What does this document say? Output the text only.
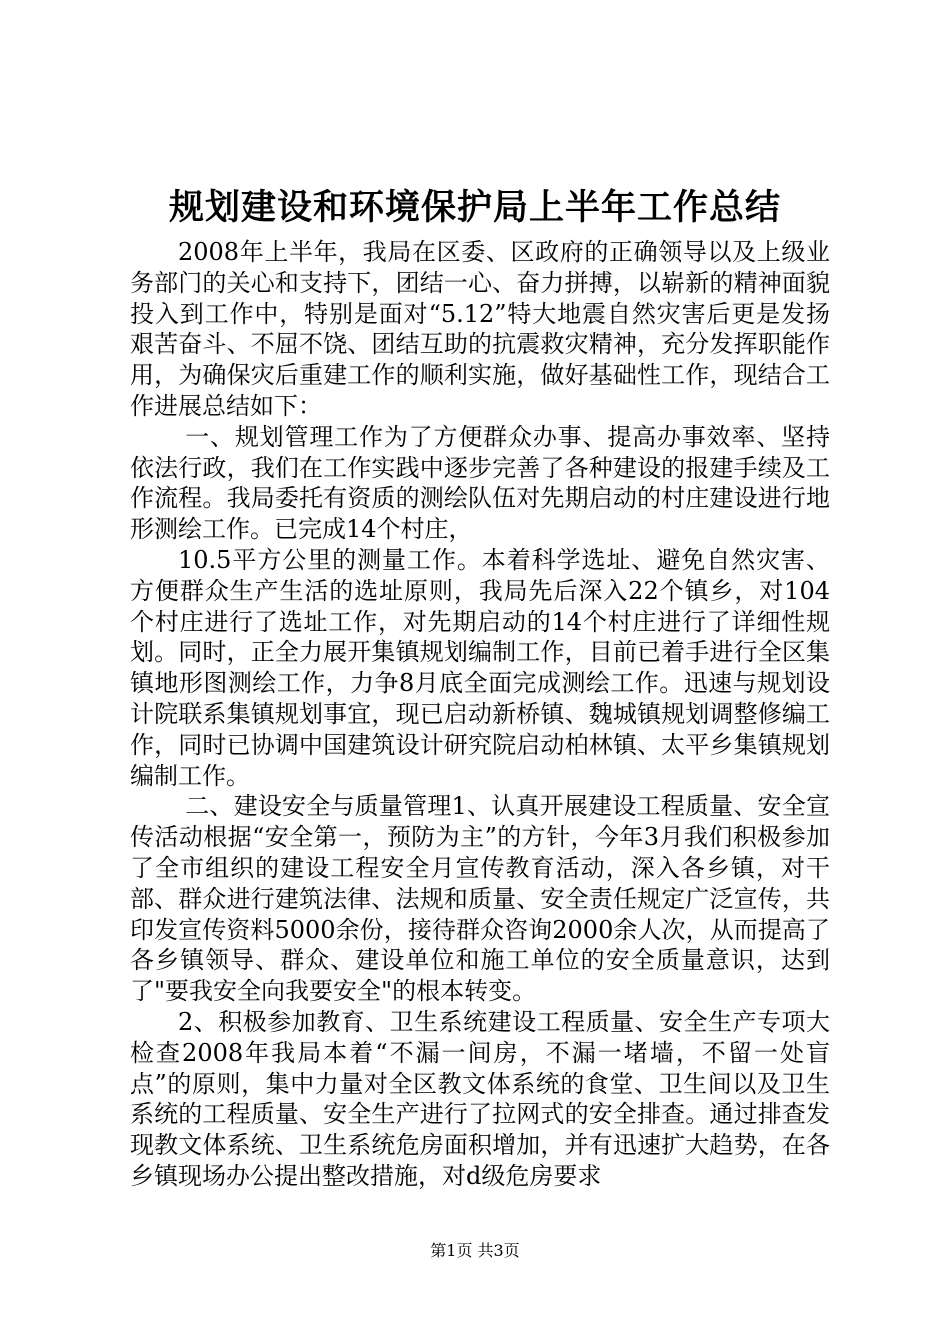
规划建设和环境保护局上半年工作总结

2008年上半年，我局在区委、区政府的正确领导以及上级业务部门的关心和支持下，团结一心、奋力拼搏，以崭新的精神面貌投入到工作中，特别是面对“5.12”特大地震自然灾害后更是发扬艰苦奋斗、不屈不饶、团结互助的抗震救灾精神，充分发挥职能作用，为确保灾后重建工作的顺利实施，做好基础性工作，现结合工作进展总结如下：

一、规划管理工作为了方便群众办事、提高办事效率、坚持依法行政，我们在工作实践中逐步完善了各种建设的报建手续及工作流程。我局委托有资质的测绘队伍对先期启动的村庄建设进行地形测绘工作。已完成14个村庄，

10.5平方公里的测量工作。本着科学选址、避免自然灾害、方便群众生产生活的选址原则，我局先后深入22个镇乡，对104个村庄进行了选址工作，对先期启动的14个村庄进行了详细性规划。同时，正全力展开集镇规划编制工作，目前已着手进行全区集镇地形图测绘工作，力争8月底全面完成测绘工作。迅速与规划设计院联系集镇规划事宜，现已启动新桥镇、魏城镇规划调整修编工作，同时已协调中国建筑设计研究院启动柏林镇、太平乡集镇规划编制工作。

二、建设安全与质量管理1、认真开展建设工程质量、安全宣传活动根据“安全第一，预防为主”的方针，今年3月我们积极参加了全市组织的建设工程安全月宣传教育活动，深入各乡镇，对干部、群众进行建筑法律、法规和质量、安全责任规定广泛宣传，共印发宣传资料5000余份，接待群众咨询2000余人次，从而提高了各乡镇领导、群众、建设单位和施工单位的安全质量意识，达到了"要我安全向我要安全"的根本转变。

2、积极参加教育、卫生系统建设工程质量、安全生产专项大检查2008年我局本着“不漏一间房，不漏一堵墙，不留一处盲点”的原则，集中力量对全区教文体系统的食堂、卫生间以及卫生系统的工程质量、安全生产进行了拉网式的安全排查。通过排查发现教文体系统、卫生系统危房面积增加，并有迅速扩大趋势，在各乡镇现场办公提出整改措施，对d级危房要求

第1页 共3页
